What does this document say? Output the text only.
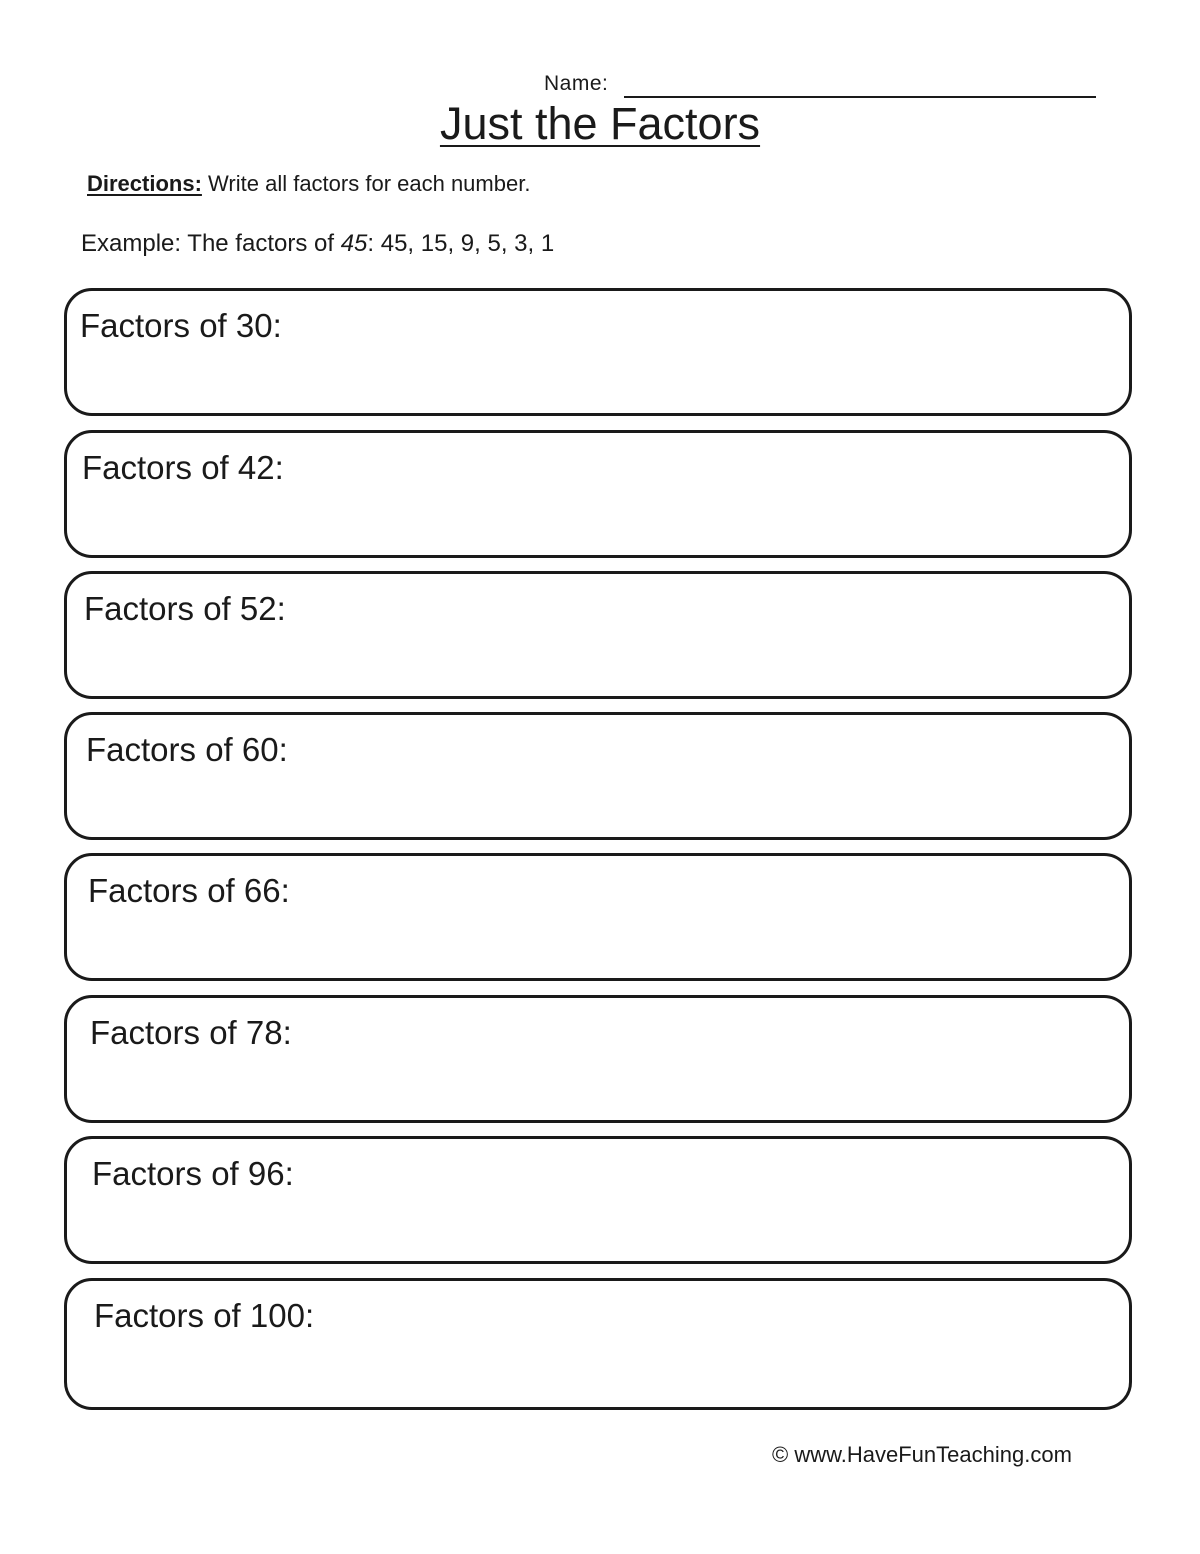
Name:
Just the Factors
Directions: Write all factors for each number.
Example: The factors of 45: 45, 15, 9, 5, 3, 1
Factors of 30:
Factors of 42:
Factors of 52:
Factors of 60:
Factors of 66:
Factors of 78:
Factors of 96:
Factors of 100:
© www.HaveFunTeaching.com
